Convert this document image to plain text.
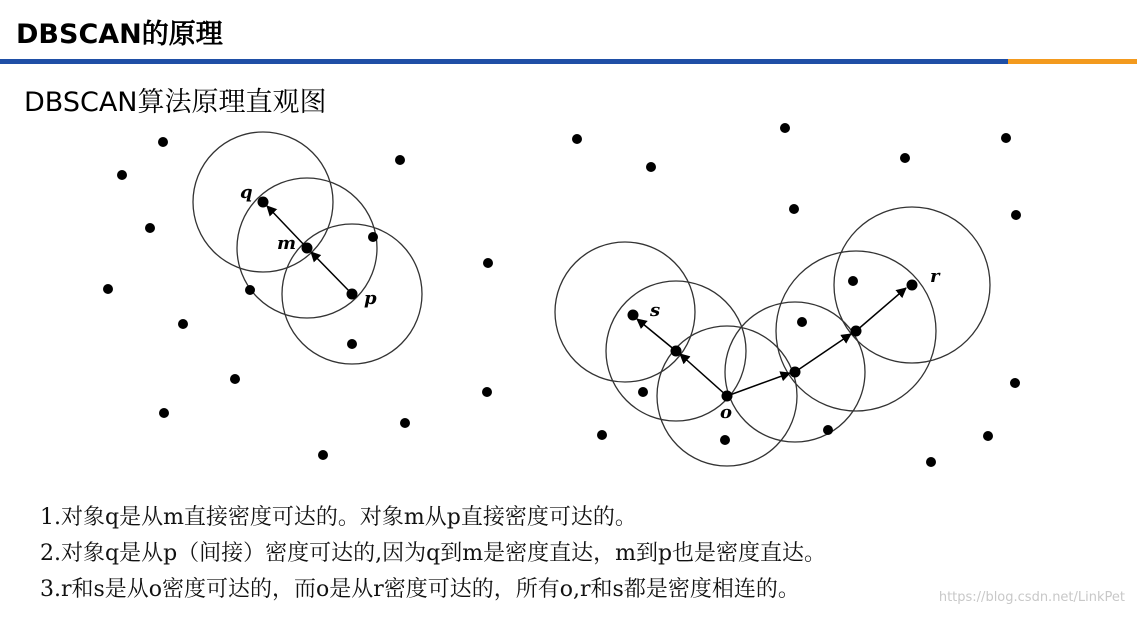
DBSCAN的原理
DBSCAN算法原理直观图
q
m
p
s
o
r
1.对象q是从m直接密度可达的。对象m从p直接密度可达的。
2.对象q是从p（间接）密度可达的,因为q到m是密度直达，m到p也是密度直达。
3.r和s是从o密度可达的，而o是从r密度可达的，所有o,r和s都是密度相连的。	https://blog.csdn.net/LinkPet
